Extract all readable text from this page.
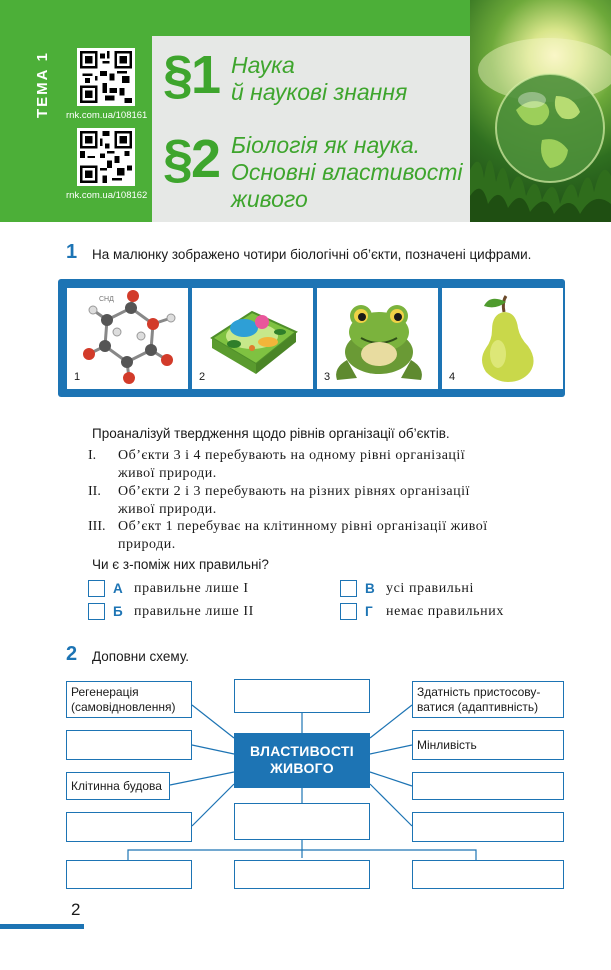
ТЕМА 1	rnk.com.ua/108161
rnk.com.ua/108162
§1 Наука
й наукові знання
§2 Біологія як наука.
Основні властивості
живого
1 На малюнку зображено чотири біологічні об’єкти, позначені цифрами.
СНД
1	2	3	4
Проаналізуй твердження щодо рівнів організації об’єктів.
I.	Об’єкти 3 і 4 перебувають на одному рівні організації
живої природи.
II.	Об’єкти 2 і 3 перебувають на різних рівнях організації
живої природи.
III. Об’єкт 1 перебуває на клітинному рівні організації живої
природи.
Чи є з-поміж них правильні?
А правильне лише I	В усі правильні
Б правильне лише II	Г немає правильних
2 Доповни схему.
Регенерація
(самовідновлення)
Здатність пристосову-
ватися (адаптивність)
Мінливість
ВЛАСТИВОСТІ
ЖИВОГО
Клітинна будова
2
